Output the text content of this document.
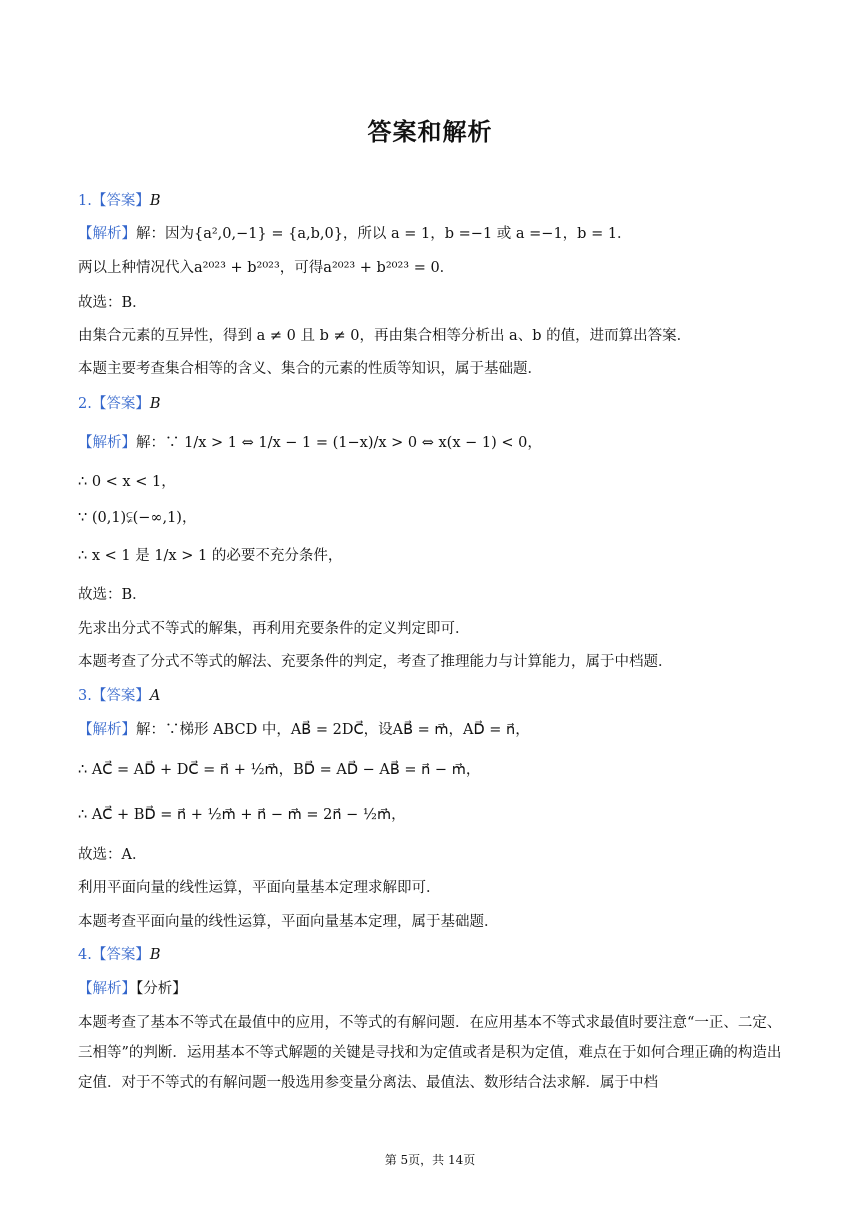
答案和解析
1.【答案】B
【解析】解：因为{a²,0,−1} = {a,b,0}，所以 a = 1，b =−1 或 a =−1，b = 1．
两以上种情况代入a²⁰²³ + b²⁰²³，可得a²⁰²³ + b²⁰²³ = 0．
故选：B．
由集合元素的互异性，得到 a ≠ 0 且 b ≠ 0，再由集合相等分析出 a、b 的值，进而算出答案．
本题主要考查集合相等的含义、集合的元素的性质等知识，属于基础题．
2.【答案】B
【解析】解：∵ 1/x > 1 ⇔ 1/x − 1 = (1−x)/x > 0 ⇔ x(x − 1) < 0，
∴ 0 < x < 1，
∵ (0,1)⫋(−∞,1)，
∴ x < 1 是 1/x > 1 的必要不充分条件，
故选：B．
先求出分式不等式的解集，再利用充要条件的定义判定即可．
本题考查了分式不等式的解法、充要条件的判定，考查了推理能力与计算能力，属于中档题．
3.【答案】A
【解析】解：∵梯形 ABCD 中，AB⃗ = 2DC⃗，设AB⃗ = m⃗，AD⃗ = n⃗，
∴ AC⃗ = AD⃗ + DC⃗ = n⃗ + ½m⃗，BD⃗ = AD⃗ − AB⃗ = n⃗ − m⃗，
∴ AC⃗ + BD⃗ = n⃗ + ½m⃗ + n⃗ − m⃗ = 2n⃗ − ½m⃗，
故选：A．
利用平面向量的线性运算，平面向量基本定理求解即可．
本题考查平面向量的线性运算，平面向量基本定理，属于基础题．
4.【答案】B
【解析】【分析】
本题考查了基本不等式在最值中的应用，不等式的有解问题．在应用基本不等式求最值时要注意“一正、二定、三相等”的判断．运用基本不等式解题的关键是寻找和为定值或者是积为定值，难点在于如何合理正确的构造出定值．对于不等式的有解问题一般选用参变量分离法、最值法、数形结合法求解．属于中档
第 5页，共 14页
